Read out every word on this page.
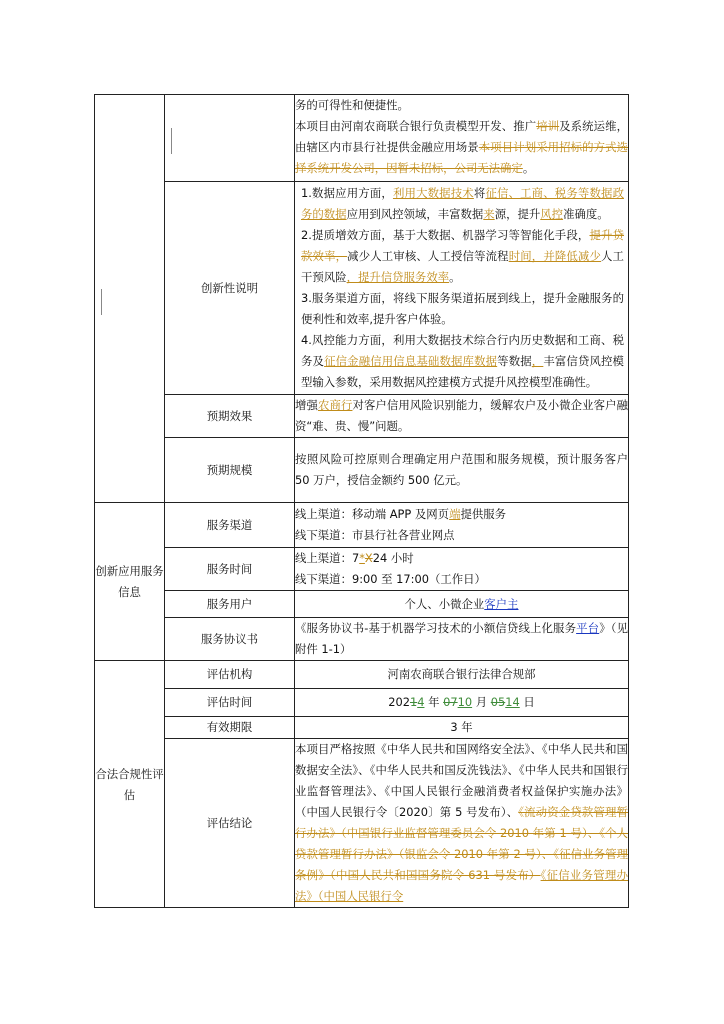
		务的可得性和便捷性。

本项目由河南农商联合银行负责模型开发、推广培训及系统运维，由辖区内市县行社提供金融应用场景本项目计划采用招标的方式选择系统开发公司，因暂未招标，公司无法确定。

	创新性说明	1.数据应用方面，利用大数据技术将征信、工商、税务等数据政务的数据应用到风控领域，丰富数据来源，提升风控准确度。

2.提质增效方面，基于大数据、机器学习等智能化手段，提升贷款效率，减少人工审核、人工授信等流程时间，并降低减少人工干预风险，提升信贷服务效率。

3.服务渠道方面，将线下服务渠道拓展到线上，提升金融服务的便利性和效率,提升客户体验。

4.风控能力方面，利用大数据技术综合行内历史数据和工商、税务及征信金融信用信息基础数据库数据等数据，丰富信贷风控模型输入参数，采用数据风控建模方式提升风控模型准确性。

	预期效果	增强农商行对客户信用风险识别能力，缓解农户及小微企业客户融资“难、贵、慢”问题。
	预期规模	按照风险可控原则合理确定用户范围和服务规模，预计服务客户 50 万户，授信金额约 500 亿元。
创新应用服务信息	服务渠道	线上渠道：移动端 APP 及网页端提供服务

线下渠道：市县行社各营业网点

	服务时间	线上渠道：7*X24 小时

线下渠道：9:00 至 17:00（工作日）

	服务用户	个人、小微企业客户主
	服务协议书	《服务协议书-基于机器学习技术的小额信贷线上化服务平台》（见附件 1-1）
合法合规性评估	评估机构	河南农商联合银行法律合规部
	评估时间	20214 年 0710 月 0514 日
	有效期限	3 年
	评估结论	本项目严格按照《中华人民共和国网络安全法》、《中华人民共和国数据安全法》、《中华人民共和国反洗钱法》、《中华人民共和国银行业监督管理法》、《中国人民银行金融消费者权益保护实施办法》（中国人民银行令〔2020〕第 5 号发布）、《流动资金贷款管理暂行办法》（中国银行业监督管理委员会令 2010 年第 1 号）、《个人贷款管理暂行办法》（银监会令 2010 年第 2 号）、《征信业务管理条例》（中国人民共和国国务院令 631 号发布）《征信业务管理办法》（中国人民银行令
